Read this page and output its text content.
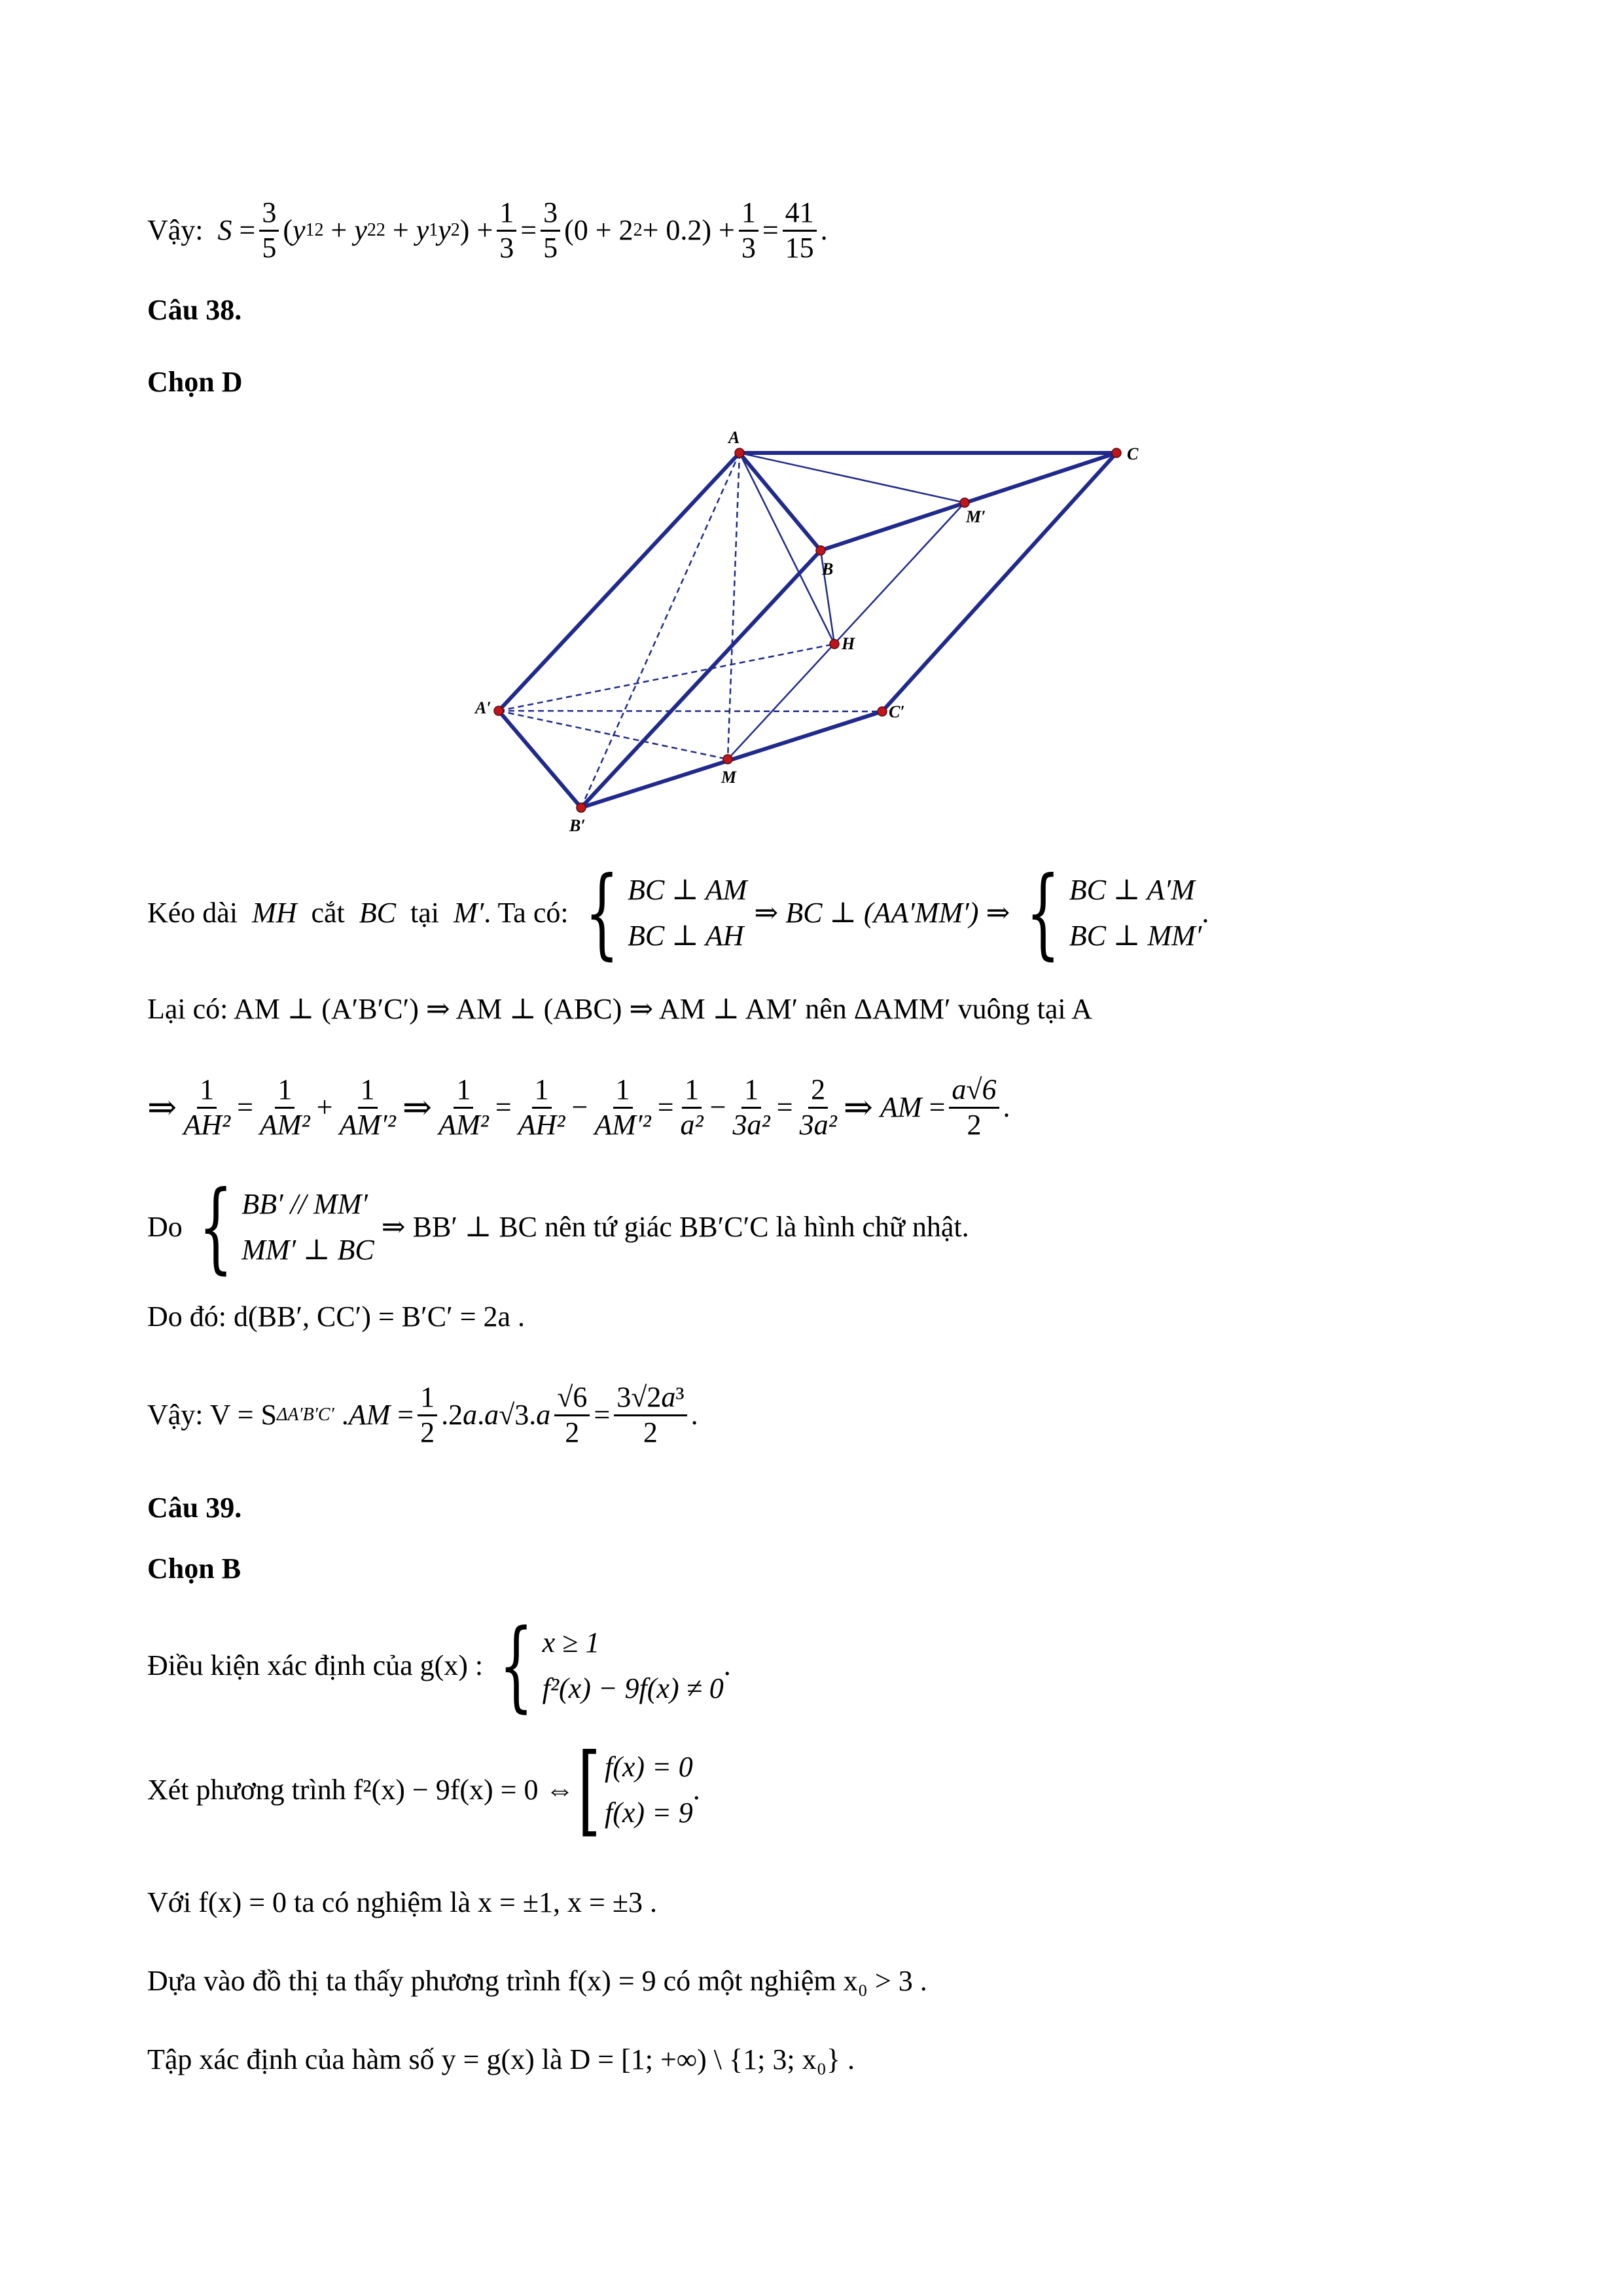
Vậy: $S = \frac{3}{5}$ ( y 1 2 + y 2 2 + y 1 y 2 ) + $\frac{1}{3} = \frac{3}{5} (0 + 2$ $2 + 0.2) + \frac{1}{3} = \frac{41}{15}$ .
Câu 38.
Chọn D
A
C
M′
B
H
A′	C′
M
B′
Kéo dài
MH
cắt
BC
tại
M′ . Ta có:
{ BC ⊥ AM
BC ⊥ AH

⇒ BC ⊥ (AA′MM′) ⇒
{ BC ⊥ A′M
BC ⊥ MM′
.
Lại có: AM ⊥ (A′B′C′) ⇒ AM ⊥ (ABC) ⇒ AM ⊥ AM′ nên ΔAMM′ vuông tại A
⇒ $\frac{1}{\text{AH²}} = \frac{1}{\text{AM²}} + \frac{1}{\text{AM′²}}$ ⇒ $\frac{1}{\text{AM²}} = \frac{1}{\text{AH²}} - \frac{1}{\text{AM′²}} = \frac{1}{\text{a²}} - \frac{1}{\text{3a²}} = \frac{2}{\text{3a²}}$ ⇒
AM = $\frac{a√6}{2}$ .
Do
{ BB′ // MM′
MM′ ⊥ BC

⇒ BB′ ⊥ BC nên tứ giác BB′C′C là hình chữ nhật.
Do đó: d(BB′, CC′) = B′C′ = 2a .
Vậy: V = S ΔA′B′C′ . AM = $\frac{1}{2} .2$ a . a √3. a $\frac{√6}{2} = \frac{\text{3√2a³}}{2}$ .
Câu 39.
Chọn B
Điều kiện xác định của g(x) :
{ x ≥ 1
f²(x) − 9f(x) ≠ 0
.
Xét phương trình f²(x) − 9f(x) = 0 ⇔ [ f(x) = 0
f(x) = 9
.
Với f(x) = 0 ta có nghiệm là x = ±1, x = ±3 .
Dựa vào đồ thị ta thấy phương trình f(x) = 9 có một nghiệm x₀ > 3 .
Tập xác định của hàm số y = g(x) là D = [1; +∞) \ {1; 3; x₀} .
